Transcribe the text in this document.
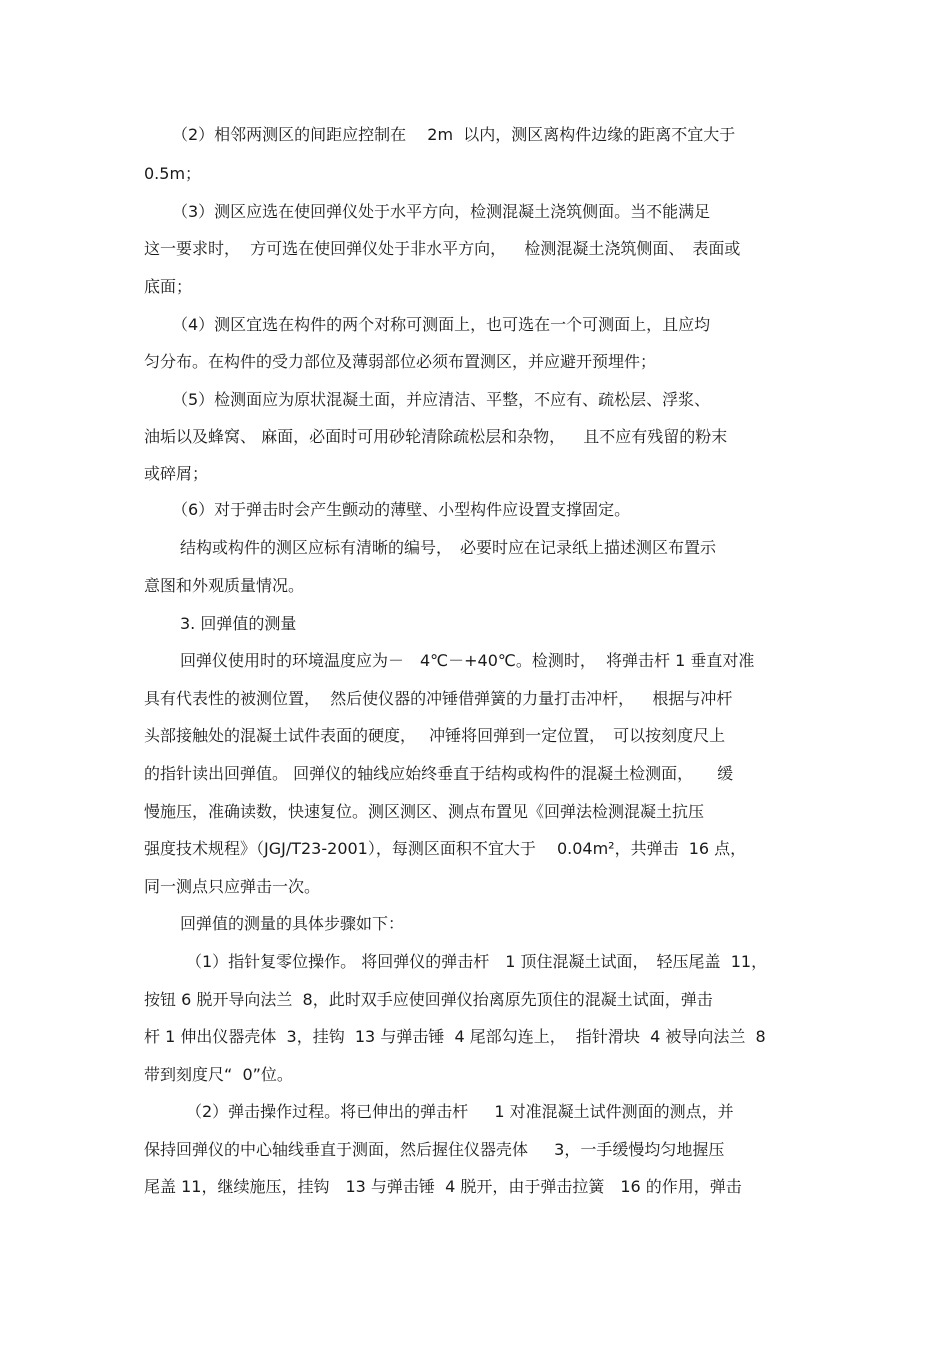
（2）相邻两测区的间距应控制在　 2m  以内，测区离构件边缘的距离不宜大于
0.5m；
（3）测区应选在使回弹仪处于水平方向，检测混凝土浇筑侧面。当不能满足
这一要求时，  方可选在使回弹仪处于非水平方向，　  检测混凝土浇筑侧面、　表面或
底面；
（4）测区宜选在构件的两个对称可测面上，也可选在一个可测面上，且应均
匀分布。在构件的受力部位及薄弱部位必须布置测区，并应避开预埋件；
（5）检测面应为原状混凝土面，并应清洁、平整，不应有、疏松层、浮浆、
油垢以及蜂窝、 麻面，必面时可用砂轮清除疏松层和杂物，　  且不应有残留的粉末
或碎屑；
（6）对于弹击时会产生颤动的薄壁、小型构件应设置支撑固定。
结构或构件的测区应标有清晰的编号，　必要时应在记录纸上描述测区布置示
意图和外观质量情况。
3. 回弹值的测量
回弹仪使用时的环境温度应为－　4℃－+40℃。检测时，  将弹击杆 1 垂直对准
具有代表性的被测位置，  然后使仪器的冲锤借弹簧的力量打击冲杆，　  根据与冲杆
头部接触处的混凝土试件表面的硬度，　 冲锤将回弹到一定位置，　可以按刻度尺上
的指针读出回弹值。 回弹仪的轴线应始终垂直于结构或构件的混凝土检测面，　　缓
慢施压，准确读数，快速复位。测区测区、测点布置见《回弹法检测混凝土抗压
强度技术规程》（JGJ/T23-2001），每测区面积不宜大于　 0.04m²，共弹击  16 点，
同一测点只应弹击一次。
回弹值的测量的具体步骤如下：
（1）指针复零位操作。 将回弹仪的弹击杆　1 顶住混凝土试面，　轻压尾盖  11，
按钮 6 脱开导向法兰  8，此时双手应使回弹仪抬离原先顶住的混凝土试面，弹击
杆 1 伸出仪器壳体  3，挂钩  13 与弹击锤  4 尾部勾连上，  指针滑块  4 被导向法兰  8
带到刻度尺“  0”位。
（2）弹击操作过程。将已伸出的弹击杆　  1 对准混凝土试件测面的测点，并
保持回弹仪的中心轴线垂直于测面，然后握住仪器壳体　  3，一手缓慢均匀地握压
尾盖 11，继续施压，挂钩　13 与弹击锤  4 脱开，由于弹击拉簧　16 的作用，弹击
